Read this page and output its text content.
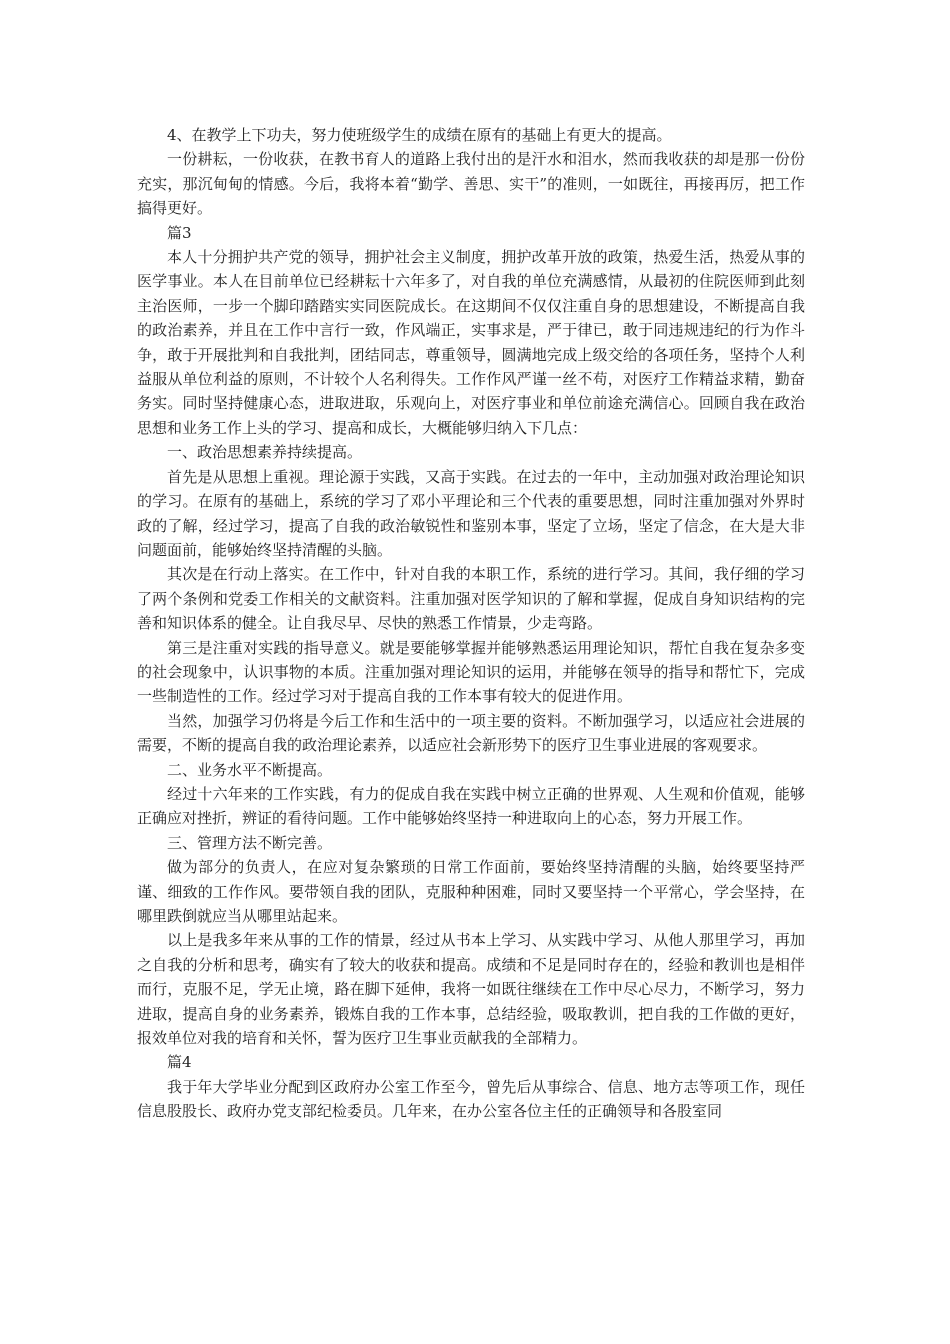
4、在教学上下功夫，努力使班级学生的成绩在原有的基础上有更大的提高。

一份耕耘，一份收获，在教书育人的道路上我付出的是汗水和泪水，然而我收获的却是那一份份充实，那沉甸甸的情感。今后，我将本着“勤学、善思、实干”的准则，一如既往，再接再厉，把工作搞得更好。

篇3

本人十分拥护共产党的领导，拥护社会主义制度，拥护改革开放的政策，热爱生活，热爱从事的医学事业。本人在目前单位已经耕耘十六年多了，对自我的单位充满感情，从最初的住院医师到此刻主治医师，一步一个脚印踏踏实实同医院成长。在这期间不仅仅注重自身的思想建设，不断提高自我的政治素养，并且在工作中言行一致，作风端正，实事求是，严于律已，敢于同违规违纪的行为作斗争，敢于开展批判和自我批判，团结同志，尊重领导，圆满地完成上级交给的各项任务，坚持个人利益服从单位利益的原则，不计较个人名利得失。工作作风严谨一丝不苟，对医疗工作精益求精，勤奋务实。同时坚持健康心态，进取进取，乐观向上，对医疗事业和单位前途充满信心。回顾自我在政治思想和业务工作上头的学习、提高和成长，大概能够归纳入下几点：

一、政治思想素养持续提高。

首先是从思想上重视。理论源于实践，又高于实践。在过去的一年中，主动加强对政治理论知识的学习。在原有的基础上，系统的学习了邓小平理论和三个代表的重要思想，同时注重加强对外界时政的了解，经过学习，提高了自我的政治敏锐性和鉴别本事，坚定了立场，坚定了信念，在大是大非问题面前，能够始终坚持清醒的头脑。

其次是在行动上落实。在工作中，针对自我的本职工作，系统的进行学习。其间，我仔细的学习了两个条例和党委工作相关的文献资料。注重加强对医学知识的了解和掌握，促成自身知识结构的完善和知识体系的健全。让自我尽早、尽快的熟悉工作情景，少走弯路。

第三是注重对实践的指导意义。就是要能够掌握并能够熟悉运用理论知识，帮忙自我在复杂多变的社会现象中，认识事物的本质。注重加强对理论知识的运用，并能够在领导的指导和帮忙下，完成一些制造性的工作。经过学习对于提高自我的工作本事有较大的促进作用。

当然，加强学习仍将是今后工作和生活中的一项主要的资料。不断加强学习，以适应社会进展的需要，不断的提高自我的政治理论素养，以适应社会新形势下的医疗卫生事业进展的客观要求。

二、业务水平不断提高。

经过十六年来的工作实践，有力的促成自我在实践中树立正确的世界观、人生观和价值观，能够正确应对挫折，辨证的看待问题。工作中能够始终坚持一种进取向上的心态，努力开展工作。

三、管理方法不断完善。

做为部分的负责人，在应对复杂繁琐的日常工作面前，要始终坚持清醒的头脑，始终要坚持严谨、细致的工作作风。要带领自我的团队，克服种种困难，同时又要坚持一个平常心，学会坚持，在哪里跌倒就应当从哪里站起来。

以上是我多年来从事的工作的情景，经过从书本上学习、从实践中学习、从他人那里学习，再加之自我的分析和思考，确实有了较大的收获和提高。成绩和不足是同时存在的，经验和教训也是相伴而行，克服不足，学无止境，路在脚下延伸，我将一如既往继续在工作中尽心尽力，不断学习，努力进取，提高自身的业务素养，锻炼自我的工作本事，总结经验，吸取教训，把自我的工作做的更好，报效单位对我的培育和关怀，誓为医疗卫生事业贡献我的全部精力。

篇4

我于年大学毕业分配到区政府办公室工作至今，曾先后从事综合、信息、地方志等项工作，现任信息股股长、政府办党支部纪检委员。几年来，在办公室各位主任的正确领导和各股室同
